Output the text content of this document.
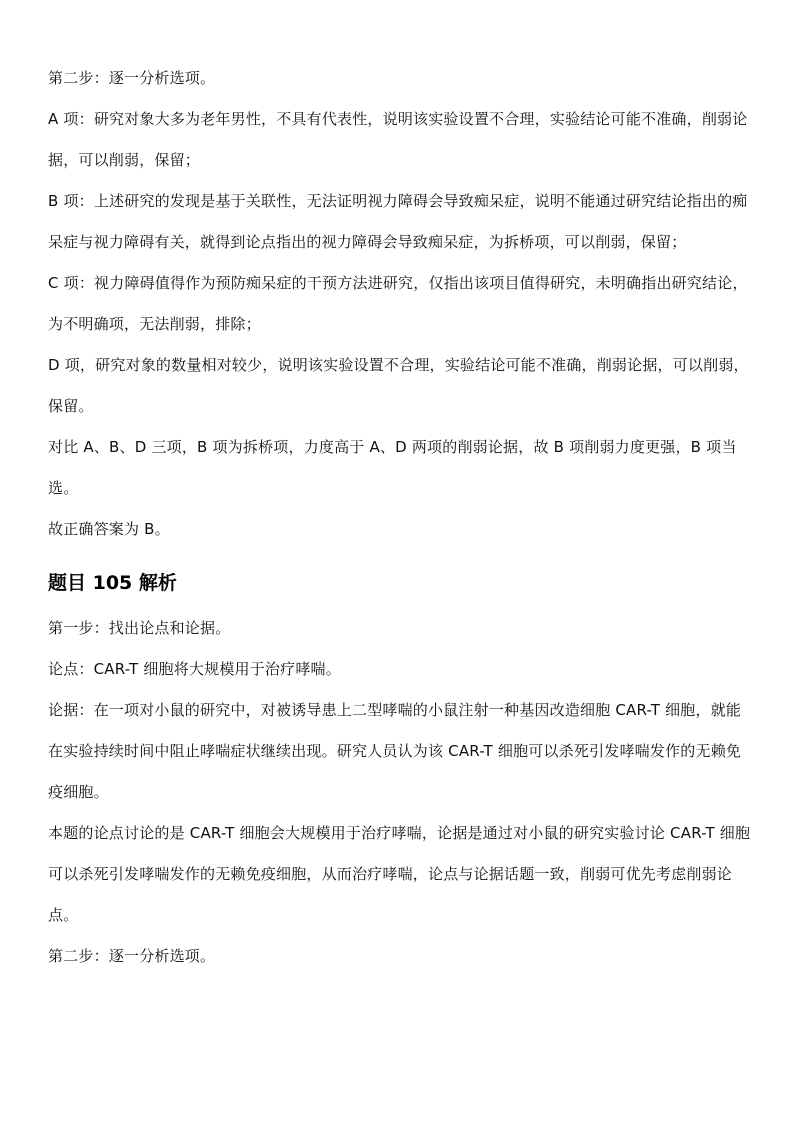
第二步：逐一分析选项。

A 项：研究对象大多为老年男性，不具有代表性，说明该实验设置不合理，实验结论可能不准确，削弱论据，可以削弱，保留；

B 项：上述研究的发现是基于关联性，无法证明视力障碍会导致痴呆症，说明不能通过研究结论指出的痴呆症与视力障碍有关，就得到论点指出的视力障碍会导致痴呆症，为拆桥项，可以削弱，保留；

C 项：视力障碍值得作为预防痴呆症的干预方法进研究，仅指出该项目值得研究，未明确指出研究结论，为不明确项，无法削弱，排除；

D 项，研究对象的数量相对较少，说明该实验设置不合理，实验结论可能不准确，削弱论据，可以削弱，保留。

对比 A、B、D 三项，B 项为拆桥项，力度高于 A、D 两项的削弱论据，故 B 项削弱力度更强，B 项当选。

故正确答案为 B。

题目 105 解析

第一步：找出论点和论据。

论点：CAR-T 细胞将大规模用于治疗哮喘。

论据：在一项对小鼠的研究中，对被诱导患上二型哮喘的小鼠注射一种基因改造细胞 CAR-T 细胞，就能在实验持续时间中阻止哮喘症状继续出现。研究人员认为该 CAR-T 细胞可以杀死引发哮喘发作的无赖免疫细胞。

本题的论点讨论的是 CAR-T 细胞会大规模用于治疗哮喘，论据是通过对小鼠的研究实验讨论 CAR-T 细胞可以杀死引发哮喘发作的无赖免疫细胞，从而治疗哮喘，论点与论据话题一致，削弱可优先考虑削弱论点。

第二步：逐一分析选项。
